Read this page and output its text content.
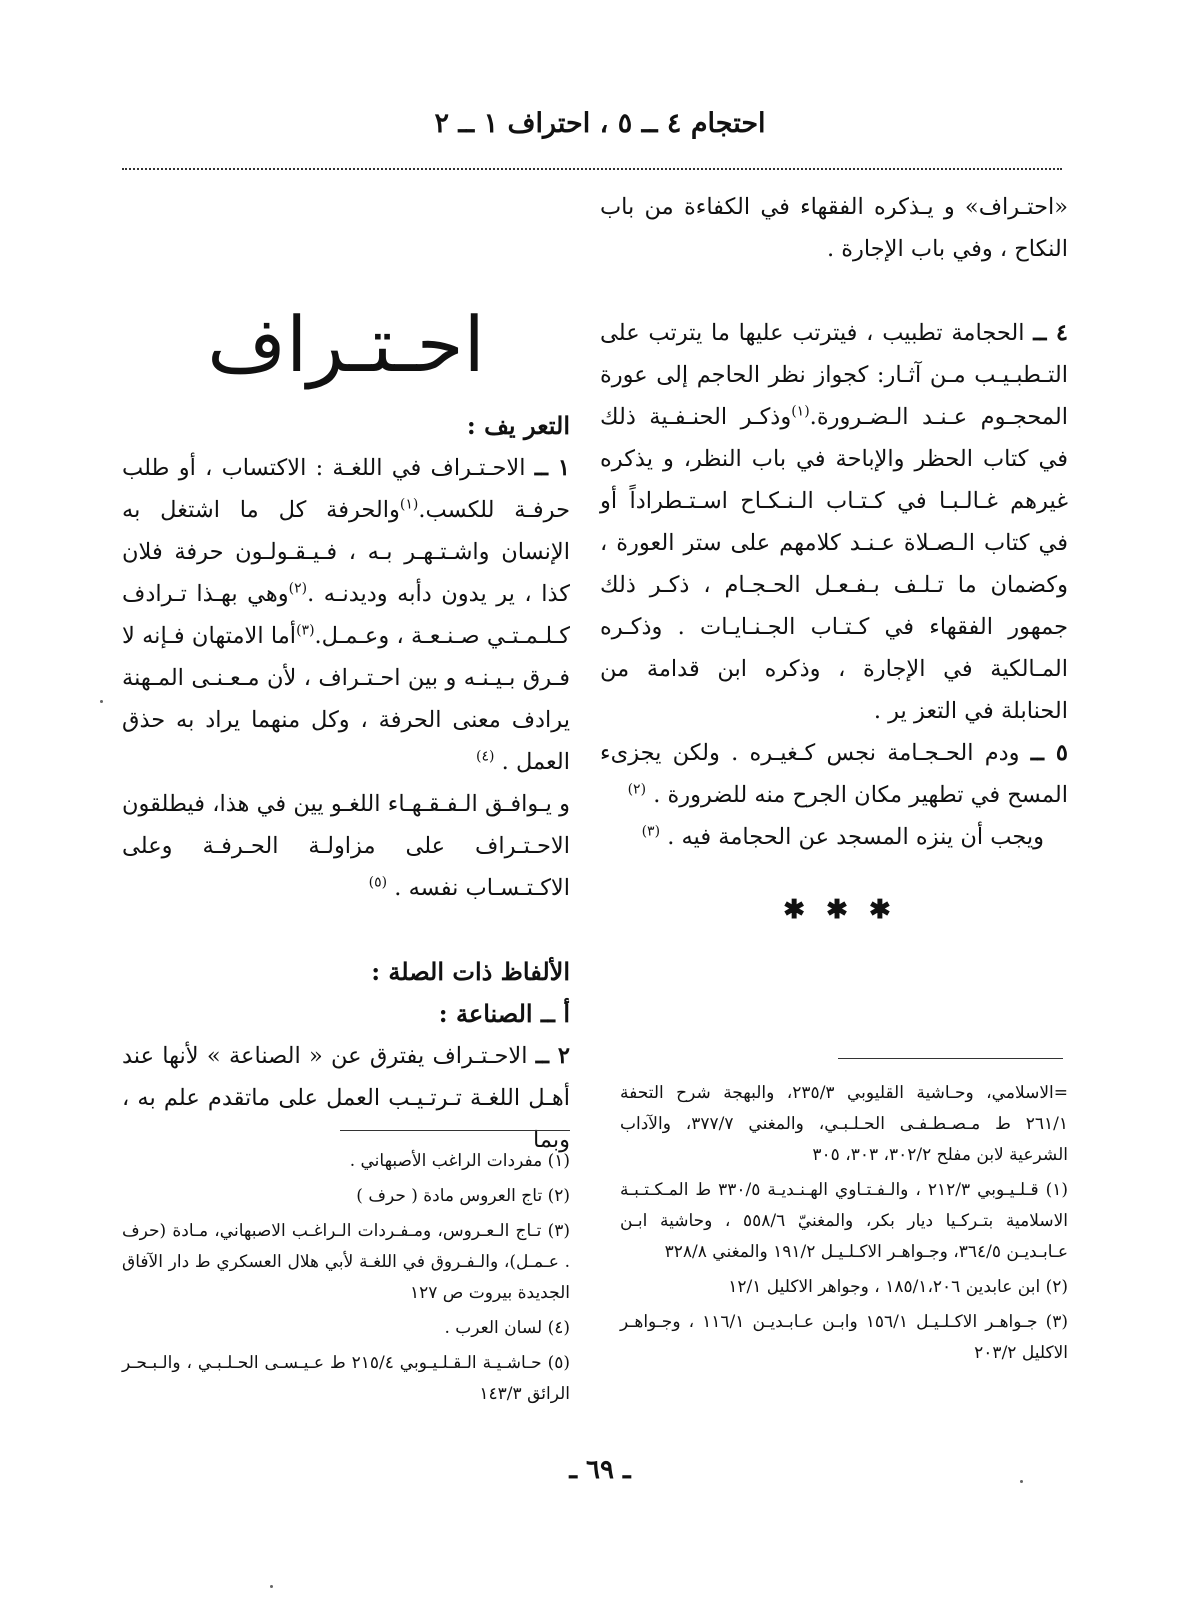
احتجام ٤ ــ ٥ ، احتراف ١ ــ ٢

«احتـراف» و يـذكره الفقهاء في الكفاءة من باب النكاح ، وفي باب الإجارة .

٤ ــ الحجامة تطبيب ، فيترتب عليها ما يترتب على التـطبـيـب مـن آثـار: كجواز نظر الحاجم إلى عورة المحجـوم عـنـد الـضـرورة.$^{(١)}$وذكـر الحنـفـية ذلك في كتاب الحظر والإباحة في باب النظر، و يذكره غيرهم غـالـبـا في كـتـاب الـنـكـاح اسـتـطراداً أو في كتاب الـصـلاة عـنـد كلامهم على ستر العورة ، وكضمان ما تـلـف بـفـعـل الحـجـام ، ذكـر ذلك جمهور الفقهاء في كـتـاب الجـنـايـات . وذكـره المـالكية في الإجارة ، وذكره ابن قدامة من الحنابلة في التعز ير .

٥ ــ ودم الحـجـامة نجس كـغيـره . ولكن يجزىء المسح في تطهير مكان الجرح منه للضرورة . $^{(٢)}$

ويجب أن ينزه المسجد عن الحجامة فيه . $^{(٣)}$

✱ ✱ ✱
احـتـراف

التعر يف :

١ ــ الاحـتـراف في اللغـة : الاكتساب ، أو طلب حرفـة للكسب.$^{(١)}$والحرفة كل ما اشتغل به الإنسان واشـتـهـر بـه ، فـيـقـولـون حرفة فلان كذا ، ير يدون دأبه وديدنـه .$^{(٢)}$وهي بهـذا تـرادف كـلـمـتـي صـنـعـة ، وعـمـل.$^{(٣)}$أما الامتهان فـإنه لا فـرق بـيـنـه و بين احـتـراف ، لأن مـعـنـى المـهنة يرادف معنى الحرفة ، وكل منهما يراد به حذق العمل . $^{(٤)}$

و يـوافـق الـفـقـهـاء اللغـو يين في هذا، فيطلقون الاحـتـراف على مزاولـة الحـرفـة وعلى الاكـتـسـاب نفسه . $^{(٥)}$

الألفاظ ذات الصلة :

أ ــ الصناعة :

٢ ــ الاحـتـراف يفترق عن « الصناعة » لأنها عند أهـل اللغـة تـرتـيـب العمل على ماتقدم علم به ، وبما

=الاسلامي، وحـاشية القليوبي ٢٣٥/٣، والبهجة شرح التحفة ٢٦١/١ ط مـصـطـفـى الحـلـبـي، والمغني ٣٧٧/٧، والآداب الشرعية لابن مفلح ٣٠٢/٢، ٣٠٣، ٣٠٥

(١) قـلـيـوبي ٢١٢/٣ ، والـفـتـاوي الهـنـديـة ٣٣٠/٥ ط المـكـتـبـة الاسلامية بتـركـيا ديار بكر، والمغنيّ ٥٥٨/٦ ، وحاشية ابـن عـابـديـن ٣٦٤/٥، وجـواهـر الاكـلـيـل ١٩١/٢ والمغني ٣٢٨/٨

(٢) ابن عابدين ١٨٥/١،٢٠٦ ، وجواهر الاكليل ١٢/١

(٣) جـواهـر الاكـلـيـل ١٥٦/١ وابـن عـابـديـن ١١٦/١ ، وجـواهـر الاكليل ٢٠٣/٢

(١) مفردات الراغب الأصبهاني .

(٢) تاج العروس مادة ( حرف )

(٣) تـاج الـعـروس، ومـفـردات الـراغـب الاصبهاني، مـادة (حرف . عـمـل)، والـفـروق في اللغـة لأبي هلال العسكري ط دار الآفاق الجديدة بيروت ص ١٢٧

(٤) لسان العرب .

(٥) حـاشـيـة الـقـلـيـوبي ٢١٥/٤ ط عـيـسـى الحـلـبـي ، والـبـحـر الرائق ١٤٣/٣

ـ ٦٩ ـ
